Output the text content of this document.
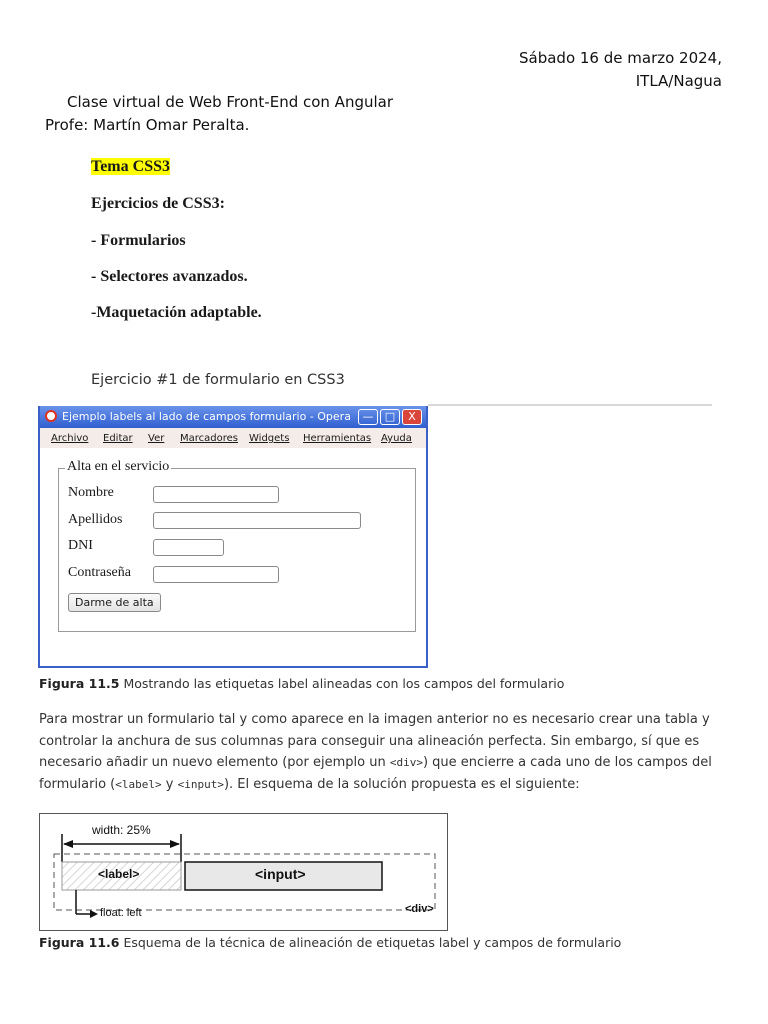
Sábado 16 de marzo 2024,
ITLA/Nagua
Clase virtual de Web Front-End con Angular
Profe: Martín Omar Peralta.
Tema CSS3
Ejercicios de CSS3:
- Formularios
- Selectores avanzados.
-Maquetación adaptable.
Ejercicio #1 de formulario en CSS3
Ejemplo labels al lado de campos formulario - Opera	—	□	X
Archivo Editar Ver Marcadores Widgets Herramientas Ayuda
Alta en el servicio
Nombre
Apellidos
DNI
Contraseña
Darme de alta
Figura 11.5 Mostrando las etiquetas label alineadas con los campos del formulario
Para mostrar un formulario tal y como aparece en la imagen anterior no es necesario crear una tabla y
controlar la anchura de sus columnas para conseguir una alineación perfecta. Sin embargo, sí que es
necesario añadir un nuevo elemento (por ejemplo un <div>) que encierre a cada uno de los campos del
formulario (<label> y <input>). El esquema de la solución propuesta es el siguiente:
width: 25%
<label>	<input>
float: left	<div>
Figura 11.6 Esquema de la técnica de alineación de etiquetas label y campos de formulario
